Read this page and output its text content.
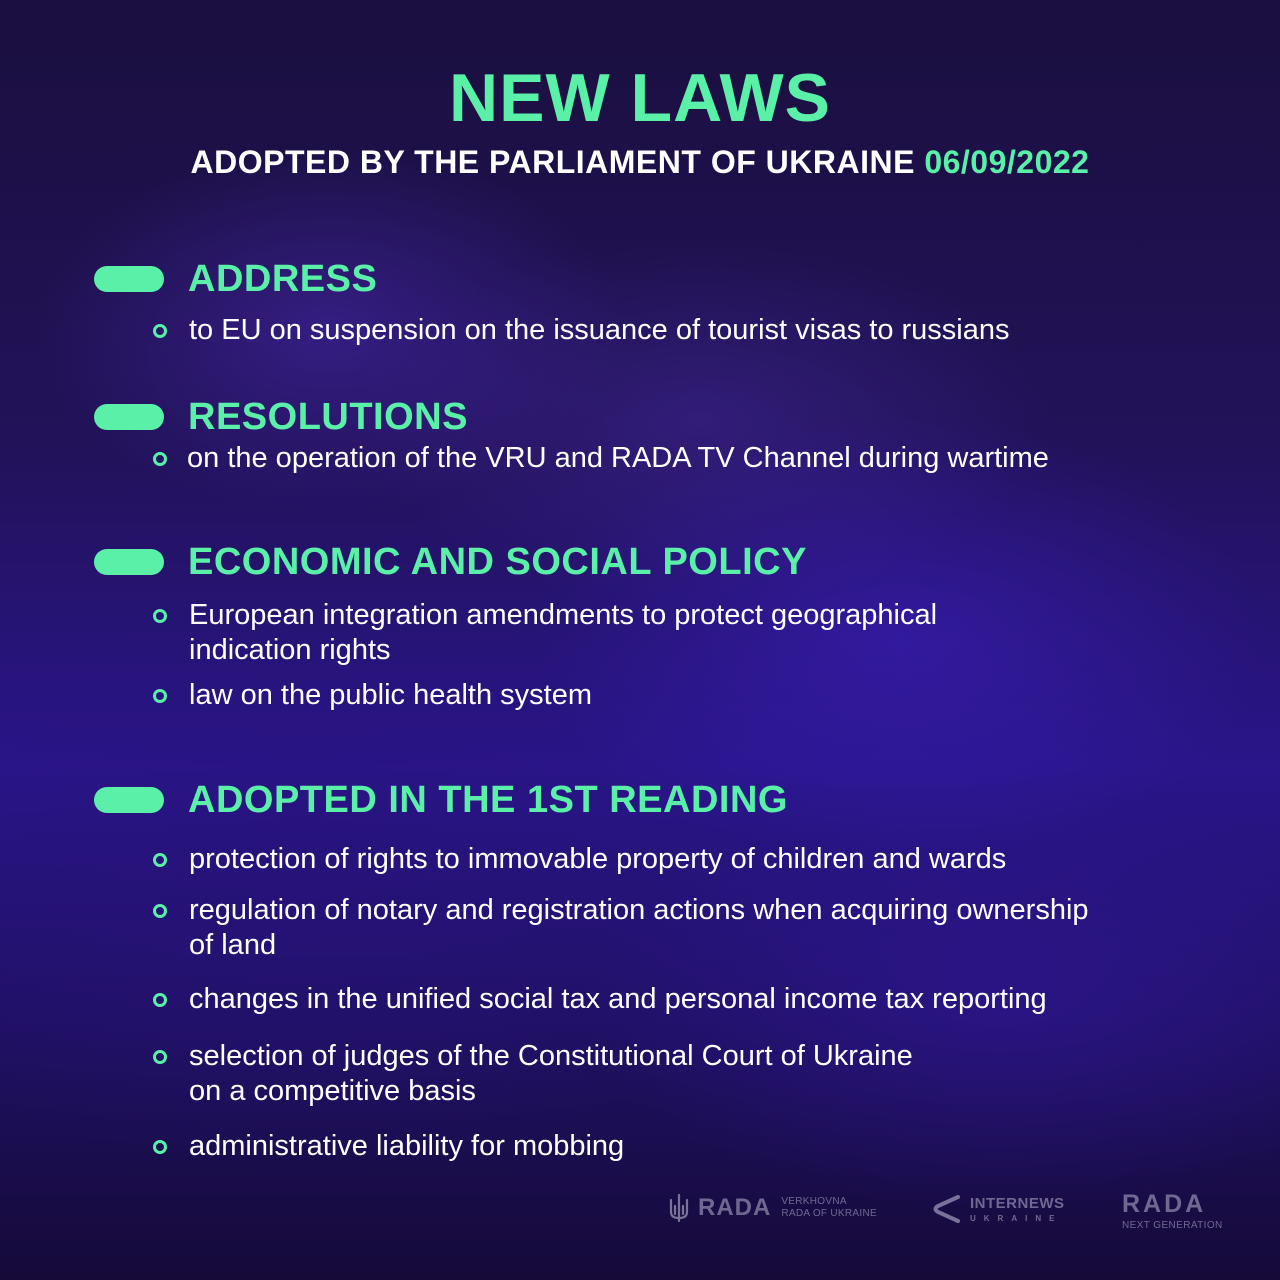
NEW LAWS
ADOPTED BY THE PARLIAMENT OF UKRAINE 06/09/2022
ADDRESS
to EU on suspension on the issuance of tourist visas to russians
RESOLUTIONS
on the operation of the VRU and RADA TV Channel during wartime
ECONOMIC AND SOCIAL POLICY
European integration amendments to protect geographical
indication rights
law on the public health system
ADOPTED IN THE 1ST READING
protection of rights to immovable property of children and wards
regulation of notary and registration actions when acquiring ownership
of land
changes in the unified social tax and personal income tax reporting
selection of judges of the Constitutional Court of Ukraine
on a competitive basis
administrative liability for mobbing
RADA VERKHOVNA
RADA OF UKRAINE
INTERNEWS
UKRAINE RADA
NEXT GENERATION
